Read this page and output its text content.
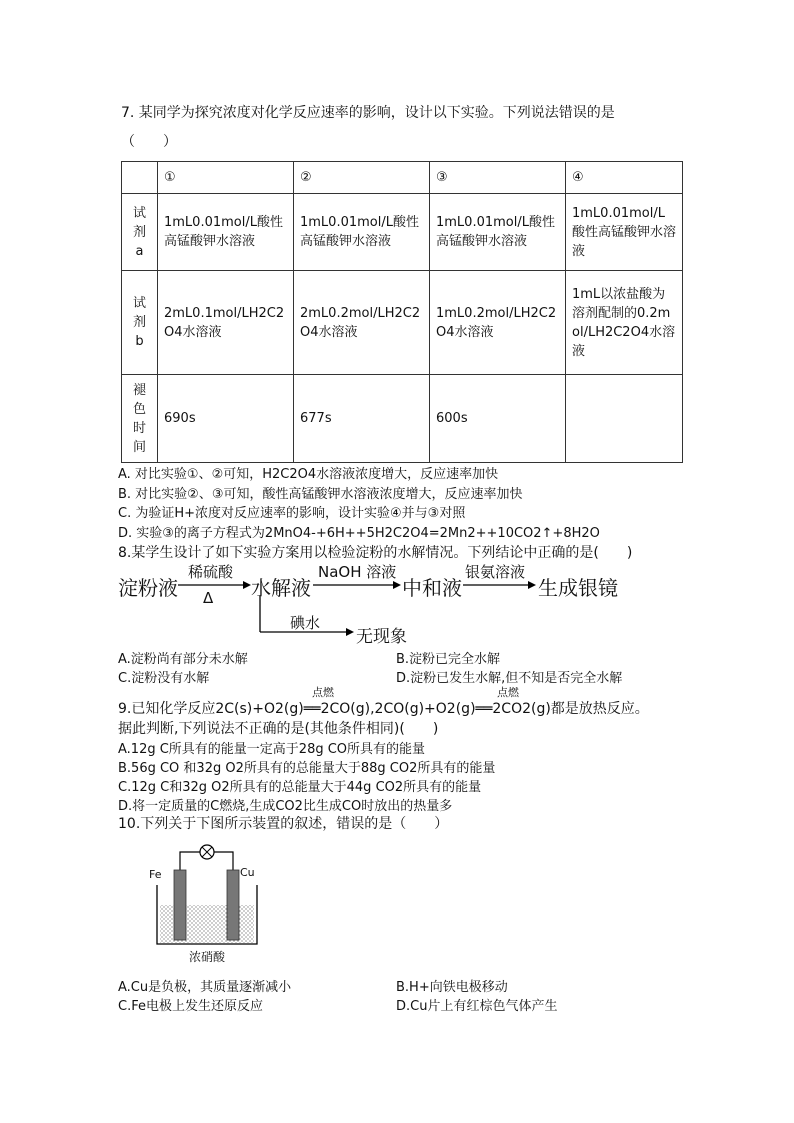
7. 某同学为探究浓度对化学反应速率的影响，设计以下实验。下列说法错误的是
（　　）
	①	②	③	④

试剂a	1mL0.01mol/L酸性高锰酸钾水溶液	1mL0.01mol/L酸性高锰酸钾水溶液	1mL0.01mol/L酸性高锰酸钾水溶液	1mL0.01mol/L酸性高锰酸钾水溶液

试剂b	2mL0.1mol/LH2C2O4水溶液	2mL0.2mol/LH2C2O4水溶液	1mL0.2mol/LH2C2O4水溶液	1mL以浓盐酸为溶剂配制的0.2mol/LH2C2O4水溶液

褪色时间	690s	677s	600s	
A. 对比实验①、②可知，H2C2O4水溶液浓度增大，反应速率加快
B. 对比实验②、③可知，酸性高锰酸钾水溶液浓度增大，反应速率加快
C. 为验证H+浓度对反应速率的影响，设计实验④并与③对照
D. 实验③的离子方程式为2MnO4-+6H++5H2C2O4=2Mn2++10CO2↑+8H2O
8.某学生设计了如下实验方案用以检验淀粉的水解情况。下列结论中正确的是(　　)
淀粉液
稀硫酸
Δ 水解液
NaOH 溶液
中和液
银氨溶液
生成银镜
碘水
无现象
A.淀粉尚有部分未水解	B.淀粉已完全水解
C.淀粉没有水解	D.淀粉已发生水解,但不知是否完全水解
点燃	点燃
9.已知化学反应2C(s)+O2(g)══2CO(g),2CO(g)+O2(g)══2CO2(g)都是放热反应。
据此判断,下列说法不正确的是(其他条件相同)(　　)
A.12g C所具有的能量一定高于28g CO所具有的能量
B.56g CO 和32g O2所具有的总能量大于88g CO2所具有的能量
C.12g C和32g O2所具有的总能量大于44g CO2所具有的能量
D.将一定质量的C燃烧,生成CO2比生成CO时放出的热量多
10.下列关于下图所示装置的叙述，错误的是（　　）
Fe	Cu
浓硝酸
A.Cu是负极，其质量逐渐减小	B.H+向铁电极移动
C.Fe电极上发生还原反应	D.Cu片上有红棕色气体产生
